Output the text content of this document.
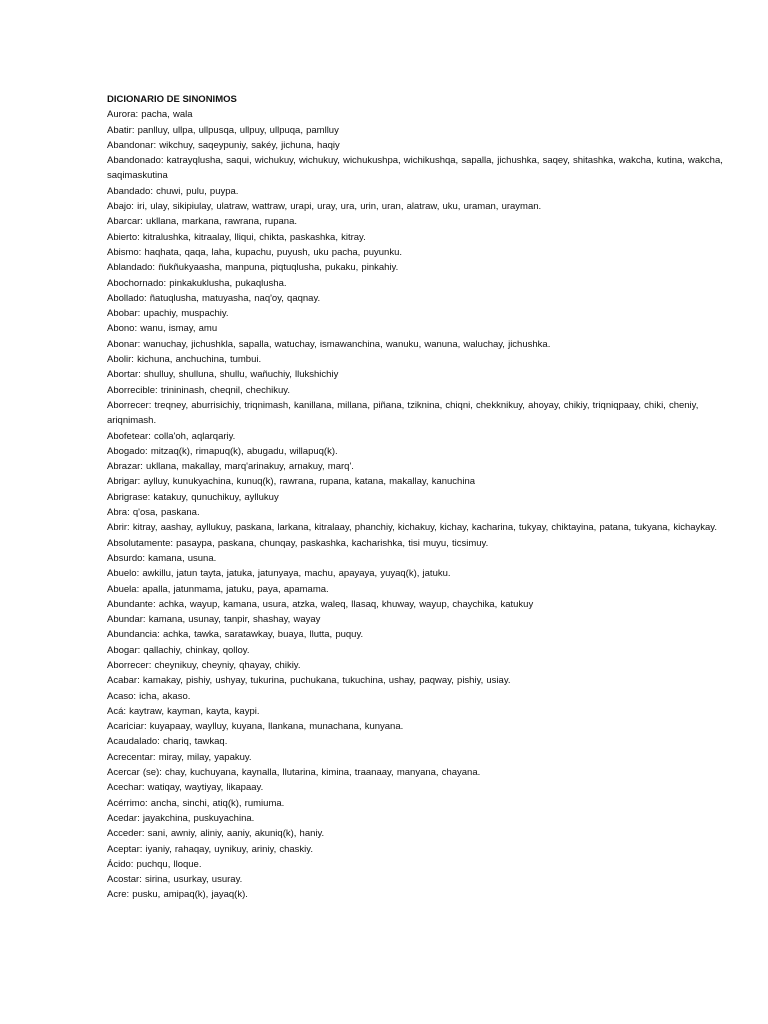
DICIONARIO DE SINONIMOS

Aurora: pacha, wala

Abatir: panlluy, ullpa, ullpusqa, ullpuy, ullpuqa, pamlluy

Abandonar: wikchuy, saqeypuniy, sakéy, jichuna, haqiy

Abandonado: katrayqlusha, saqui, wichukuy, wichukuy, wichukushpa, wichikushqa, sapalla, jichushka, saqey, shitashka, wakcha, kutina, wakcha, saqimaskutina

Abandado: chuwi, pulu, puypa.

Abajo: iri, ulay, sikipiulay, ulatraw, wattraw, urapi, uray, ura, urin, uran, alatraw, uku, uraman, urayman.

Abarcar: ukllana, markana, rawrana, rupana.

Abierto: kitralushka, kitraalay, lliqui, chikta, paskashka, kitray.

Abismo: haqhata, qaqa, laha, kupachu, puyush, uku pacha, puyunku.

Ablandado: ñukñukyaasha, manpuna, piqtuqlusha, pukaku, pinkahiy.

Abochornado: pinkakuklusha, pukaqlusha.

Abollado: ñatuqlusha, matuyasha, naq'oy, qaqnay.

Abobar: upachiy, muspachiy.

Abono: wanu, ismay, amu

Abonar: wanuchay, jichushkla, sapalla, watuchay, ismawanchina, wanuku, wanuna, waluchay, jichushka.

Abolir: kichuna, anchuchina, tumbui.

Abortar: shulluy, shulluna, shullu, wañuchiy, llukshichiy

Aborrecible: trinininash, cheqnil, chechikuy.

Aborrecer: treqney, aburrisichiy, triqnimash, kanillana, millana, piñana, tziknina, chiqni, chekknikuy, ahoyay, chikiy, triqniqpaay, chiki, cheniy, ariqnimash.

Abofetear: colla'oh, aqlarqariy.

Abogado: mitzaq(k), rimapuq(k), abugadu, willapuq(k).

Abrazar: ukllana, makallay, marq'arinakuy, arnakuy, marq'.

Abrigar: aylluy, kunukyachina, kunuq(k), rawrana, rupana, katana, makallay, kanuchina

Abrigrase: katakuy, qunuchikuy, ayllukuy

Abra: q'osa, paskana.

Abrir: kitray, aashay, ayllukuy, paskana, larkana, kitralaay, phanchiy, kichakuy, kichay, kacharina, tukyay, chiktayina, patana, tukyana, kichaykay.

Absolutamente: pasaypa, paskana, chunqay, paskashka, kacharishka, tisi muyu, ticsimuy.

Absurdo: kamana, usuna.

Abuelo: awkillu, jatun tayta, jatuka, jatunyaya, machu, apayaya, yuyaq(k), jatuku.

Abuela: apalla, jatunmama, jatuku, paya, apamama.

Abundante: achka, wayup, kamana, usura, atzka, waleq, llasaq, khuway, wayup, chaychika, katukuy

Abundar: kamana, usunay, tanpir, shashay, wayay

Abundancia: achka, tawka, saratawkay, buaya, llutta, puquy.

Abogar: qallachiy, chinkay, qolloy.

Aborrecer: cheynikuy, cheyniy, qhayay, chikiy.

Acabar: kamakay, pishiy, ushyay, tukurina, puchukana, tukuchina, ushay, paqway, pishiy, usiay.

Acaso: icha, akaso.

Acá: kaytraw, kayman, kayta, kaypi.

Acariciar: kuyapaay, waylluy, kuyana, llankana, munachana, kunyana.

Acaudalado: chariq, tawkaq.

Acrecentar: miray, milay, yapakuy.

Acercar (se): chay, kuchuyana, kaynalla, llutarina, kimina, traanaay, manyana, chayana.

Acechar: watiqay, waytiyay, likapaay.

Acérrimo: ancha, sinchi, atiq(k), rumiuma.

Acedar: jayakchina, puskuyachina.

Acceder: sani, awniy, aliniy, aaniy, akuniq(k), haniy.

Aceptar: iyaniy, rahaqay, uynikuy, ariniy, chaskiy.

Ácido: puchqu, lloque.

Acostar: sirina, usurkay, usuray.

Acre: pusku, amipaq(k), jayaq(k).
